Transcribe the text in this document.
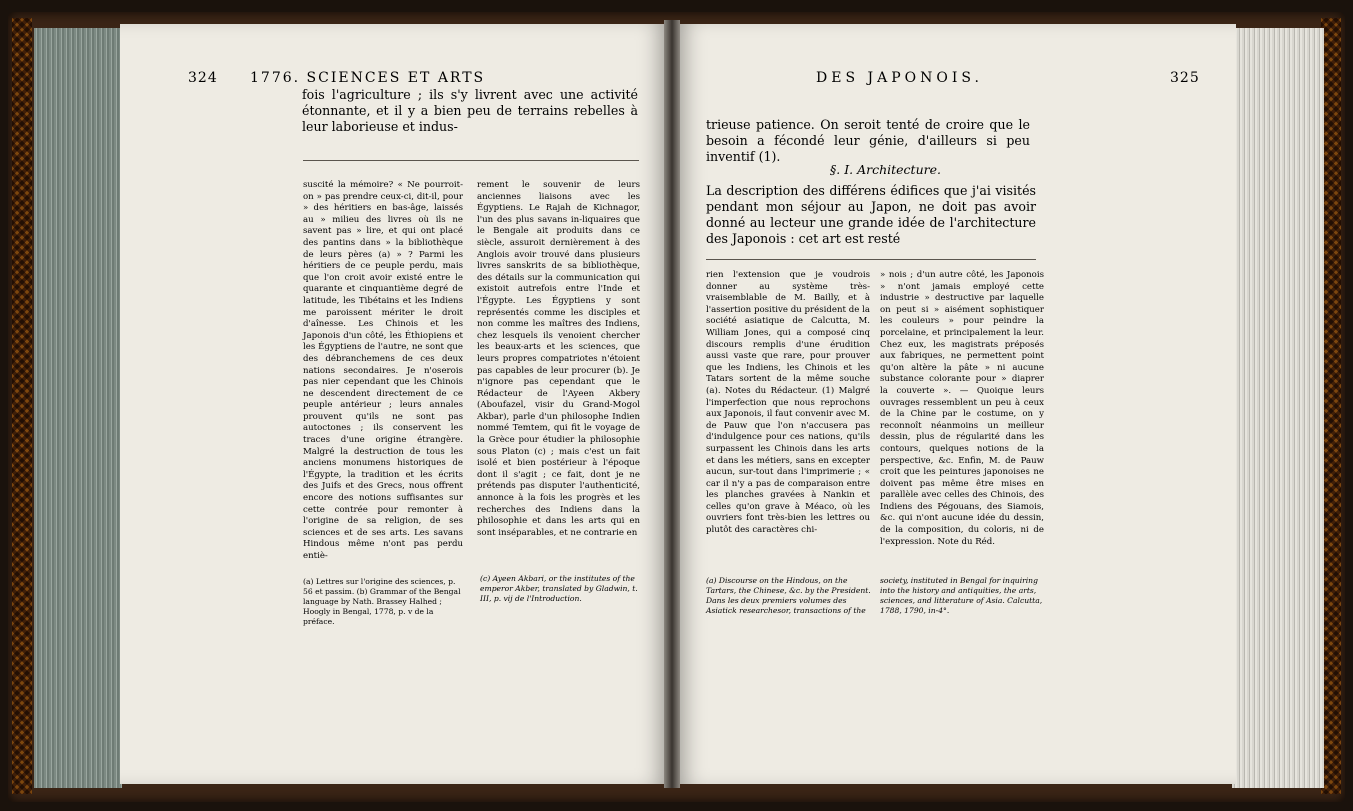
324 1776. SCIENCES ET ARTS	DES JAPONOIS.	325
fois l'agriculture ; ils s'y livrent avec une activité étonnante, et il y a bien peu de terrains rebelles à leur laborieuse et indus-
suscité la mémoire? « Ne pourroit-on » pas prendre ceux-ci, dit-il, pour » des héritiers en bas-âge, laissés au » milieu des livres où ils ne savent pas » lire, et qui ont placé des pantins dans » la bibliothèque de leurs pères (a) » ? Parmi les héritiers de ce peuple perdu, mais que l'on croit avoir existé entre le quarante et cinquantième degré de latitude, les Tibétains et les Indiens me paroissent mériter le droit d'aînesse. Les Chinois et les Japonois d'un côté, les Éthiopiens et les Égyptiens de l'autre, ne sont que des débranchemens de ces deux nations secondaires. Je n'oserois pas nier cependant que les Chinois ne descendent directement de ce peuple antérieur ; leurs annales prouvent qu'ils ne sont pas autoctones ; ils conservent les traces d'une origine étrangère. Malgré la destruction de tous les anciens monumens historiques de l'Égypte, la tradition et les écrits des Juifs et des Grecs, nous offrent encore des notions suffisantes sur cette contrée pour remonter à l'origine de sa religion, de ses sciences et de ses arts. Les savans Hindous même n'ont pas perdu entiè-
rement le souvenir de leurs anciennes liaisons avec les Égyptiens. Le Rajah de Kichnagor, l'un des plus savans in-liquaires que le Bengale ait produits dans ce siècle, assuroit dernièrement à des Anglois avoir trouvé dans plusieurs livres sanskrits de sa bibliothèque, des détails sur la communication qui existoit autrefois entre l'Inde et l'Égypte. Les Égyptiens y sont représentés comme les disciples et non comme les maîtres des Indiens, chez lesquels ils venoient chercher les beaux-arts et les sciences, que leurs propres compatriotes n'étoient pas capables de leur procurer (b). Je n'ignore pas cependant que le Rédacteur de l'Ayeen Akbery (Aboufazel, visir du Grand-Mogol Akbar), parle d'un philosophe Indien nommé Temtem, qui fit le voyage de la Grèce pour étudier la philosophie sous Platon (c) ; mais c'est un fait isolé et bien postérieur à l'époque dont il s'agit ; ce fait, dont je ne prétends pas disputer l'authenticité, annonce à la fois les progrès et les recherches des Indiens dans la philosophie et dans les arts qui en sont inséparables, et ne contrarie en
(a) Lettres sur l'origine des sciences, p. 56 et passim. (b) Grammar of the Bengal language by Nath. Brassey Halhed ; Hoogly in Bengal, 1778, p. v de la préface.
(c) Ayeen Akbari, or the institutes of the emperor Akber, translated by Gladwin, t. III, p. vij de l'Introduction.
trieuse patience. On seroit tenté de croire que le besoin a fécondé leur génie, d'ailleurs si peu inventif (1).
§. I. Architecture.
La description des différens édifices que j'ai visités pendant mon séjour au Japon, ne doit pas avoir donné au lecteur une grande idée de l'architecture des Japonois : cet art est resté
rien l'extension que je voudrois donner au système très-vraisemblable de M. Bailly, et à l'assertion positive du président de la société asiatique de Calcutta, M. William Jones, qui a composé cinq discours remplis d'une érudition aussi vaste que rare, pour prouver que les Indiens, les Chinois et les Tatars sortent de la même souche (a). Notes du Rédacteur. (1) Malgré l'imperfection que nous reprochons aux Japonois, il faut convenir avec M. de Pauw que l'on n'accusera pas d'indulgence pour ces nations, qu'ils surpassent les Chinois dans les arts et dans les métiers, sans en excepter aucun, sur-tout dans l'imprimerie ; « car il n'y a pas de comparaison entre les planches gravées à Nankin et celles qu'on grave à Méaco, où les ouvriers font très-bien les lettres ou plutôt des caractères chi-
» nois ; d'un autre côté, les Japonois » n'ont jamais employé cette industrie » destructive par laquelle on peut si » aisément sophistiquer les couleurs » pour peindre la porcelaine, et principalement la leur. Chez eux, les magistrats préposés aux fabriques, ne permettent point qu'on altère la pâte » ni aucune substance colorante pour » diaprer la couverte ». — Quoique leurs ouvrages ressemblent un peu à ceux de la Chine par le costume, on y reconnoît néanmoins un meilleur dessin, plus de régularité dans les contours, quelques notions de la perspective, &c. Enfin, M. de Pauw croit que les peintures japonoises ne doivent pas même être mises en parallèle avec celles des Chinois, des Indiens des Pégouans, des Siamois, &c. qui n'ont aucune idée du dessin, de la composition, du coloris, ni de l'expression. Note du Réd.
(a) Discourse on the Hindous, on the Tartars, the Chinese, &c. by the President. Dans les deux premiers volumes des Asiatick researchesor, transactions of the
society, instituted in Bengal for inquiring into the history and antiquities, the arts, sciences, and litterature of Asia. Calcutta, 1788, 1790, in-4°.
